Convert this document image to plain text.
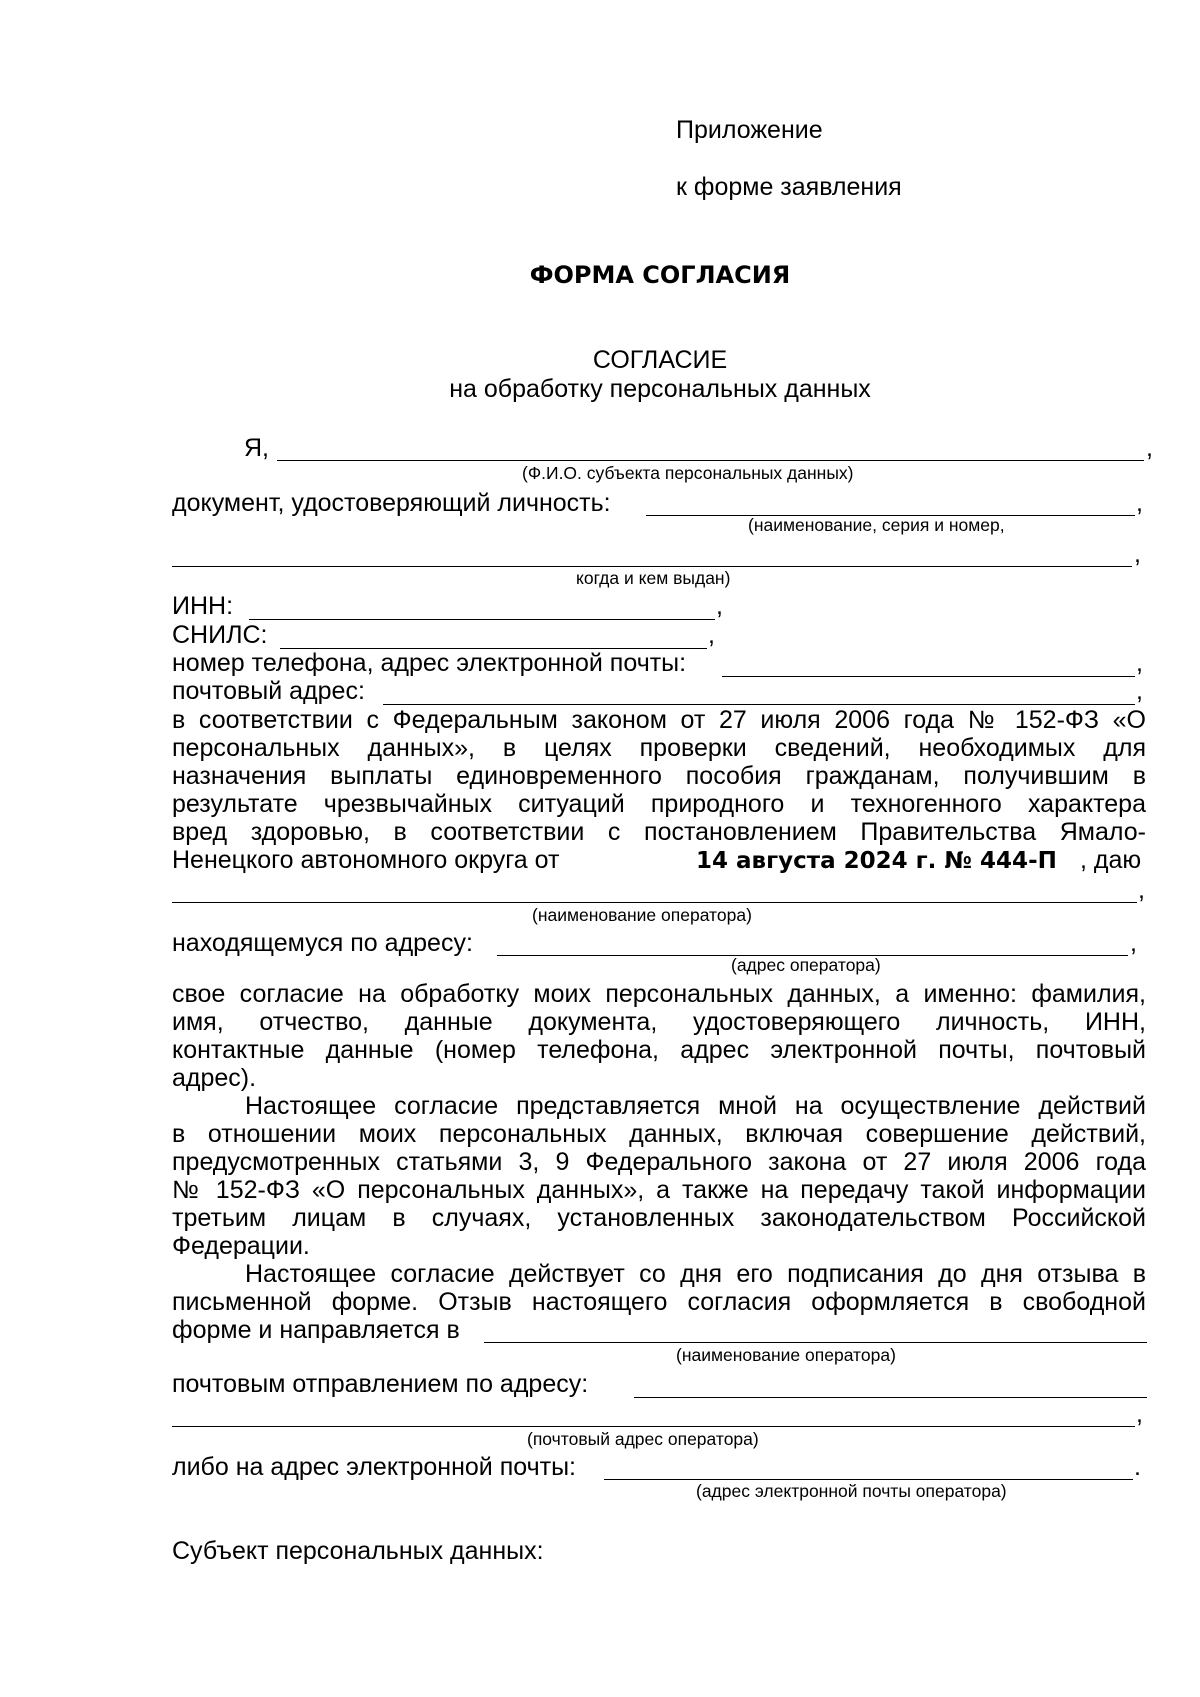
Приложение
к форме заявления
ФОРМА СОГЛАСИЯ
СОГЛАСИЕ
на обработку персональных данных
Я,	,
(Ф.И.О. субъекта персональных данных)
документ, удостоверяющий личность:	,
(наименование, серия и номер,
,
когда и кем выдан)
ИНН:	,
СНИЛС:	,
номер телефона, адрес электронной почты:	,
почтовый адрес:	,
в соответствии с Федеральным законом от 27 июля 2006 года № 152-ФЗ «О
персональных данных», в целях проверки сведений, необходимых для
назначения выплаты единовременного пособия гражданам, получившим в
результате чрезвычайных ситуаций природного и техногенного характера
вред здоровью, в соответствии с постановлением Правительства Ямало-
Ненецкого автономного округа от	14 августа 2024 г. № 444-П , даю
,
(наименование оператора)
находящемуся по адресу:	,
(адрес оператора)
свое согласие на обработку моих персональных данных, а именно: фамилия,
имя, отчество, данные документа, удостоверяющего личность, ИНН,
контактные данные (номер телефона, адрес электронной почты, почтовый
адрес).
Настоящее согласие представляется мной на осуществление действий
в отношении моих персональных данных, включая совершение действий,
предусмотренных статьями 3, 9 Федерального закона от 27 июля 2006 года
№ 152-ФЗ «О персональных данных», а также на передачу такой информации
третьим лицам в случаях, установленных законодательством Российской
Федерации.
Настоящее согласие действует со дня его подписания до дня отзыва в
письменной форме. Отзыв настоящего согласия оформляется в свободной
форме и направляется в
(наименование оператора)
почтовым отправлением по адресу:
,
(почтовый адрес оператора)
либо на адрес электронной почты:	.
(адрес электронной почты оператора)
Субъект персональных данных:
